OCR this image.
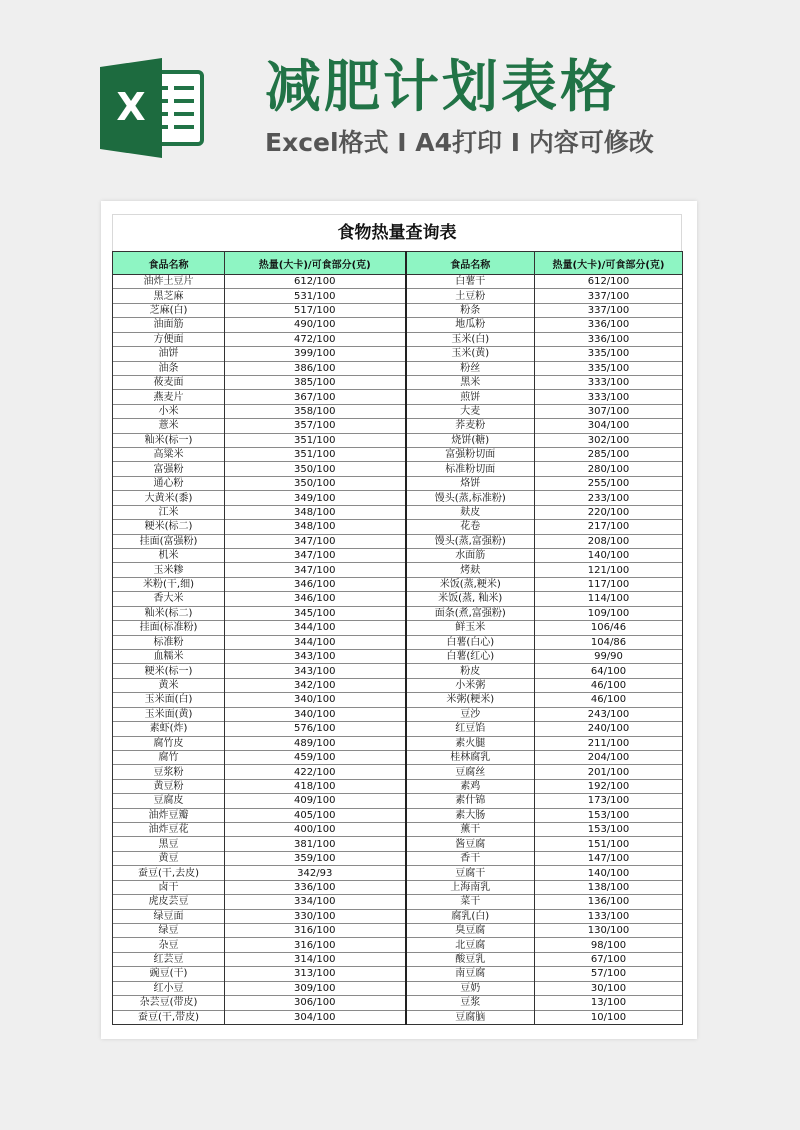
X 减肥计划表格
Excel格式 Ⅰ A4打印 Ⅰ 内容可修改
食物热量查询表
食品名称	热量(大卡)/可食部分(克)	食品名称	热量(大卡)/可食部分(克)
油炸土豆片	612/100	白薯干	612/100
黑芝麻	531/100	土豆粉	337/100
芝麻(白)	517/100	粉条	337/100
油面筋	490/100	地瓜粉	336/100
方便面	472/100	玉米(白)	336/100
油饼	399/100	玉米(黄)	335/100
油条	386/100	粉丝	335/100
莜麦面	385/100	黑米	333/100
燕麦片	367/100	煎饼	333/100
小米	358/100	大麦	307/100
薏米	357/100	荞麦粉	304/100
籼米(标一)	351/100	烧饼(糖)	302/100
高粱米	351/100	富强粉切面	285/100
富强粉	350/100	标准粉切面	280/100
通心粉	350/100	烙饼	255/100
大黄米(黍)	349/100	馒头(蒸,标准粉)	233/100
江米	348/100	麸皮	220/100
粳米(标二)	348/100	花卷	217/100
挂面(富强粉)	347/100	馒头(蒸,富强粉)	208/100
机米	347/100	水面筋	140/100
玉米糁	347/100	烤麸	121/100
米粉(干,细)	346/100	米饭(蒸,粳米)	117/100
香大米	346/100	米饭(蒸, 籼米)	114/100
籼米(标二)	345/100	面条(煮,富强粉)	109/100
挂面(标准粉)	344/100	鲜玉米	106/46
标准粉	344/100	白薯(白心)	104/86
血糯米	343/100	白薯(红心)	99/90
粳米(标一)	343/100	粉皮	64/100
黄米	342/100	小米粥	46/100
玉米面(白)	340/100	米粥(粳米)	46/100
玉米面(黄)	340/100	豆沙	243/100
素虾(炸)	576/100	红豆馅	240/100
腐竹皮	489/100	素火腿	211/100
腐竹	459/100	桂林腐乳	204/100
豆浆粉	422/100	豆腐丝	201/100
黄豆粉	418/100	素鸡	192/100
豆腐皮	409/100	素什锦	173/100
油炸豆瓣	405/100	素大肠	153/100
油炸豆花	400/100	薰干	153/100
黑豆	381/100	酱豆腐	151/100
黄豆	359/100	香干	147/100
蚕豆(干,去皮)	342/93	豆腐干	140/100
卤干	336/100	上海南乳	138/100
虎皮芸豆	334/100	菜干	136/100
绿豆面	330/100	腐乳(白)	133/100
绿豆	316/100	臭豆腐	130/100
杂豆	316/100	北豆腐	98/100
红芸豆	314/100	酸豆乳	67/100
豌豆(干)	313/100	南豆腐	57/100
红小豆	309/100	豆奶	30/100
杂芸豆(带皮)	306/100	豆浆	13/100
蚕豆(干,带皮)	304/100	豆腐脑	10/100
